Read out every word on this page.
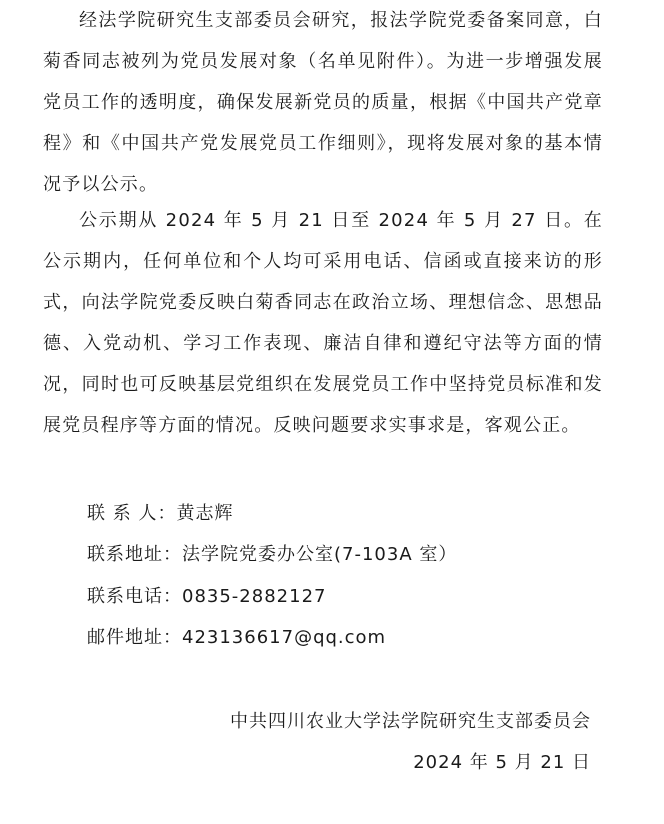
经法学院研究生支部委员会研究，报法学院党委备案同意，白菊香同志被列为党员发展对象（名单见附件）。为进一步增强发展党员工作的透明度，确保发展新党员的质量，根据《中国共产党章程》和《中国共产党发展党员工作细则》，现将发展对象的基本情况予以公示。

公示期从 2024 年 5 月 21 日至 2024 年 5 月 27 日。在公示期内，任何单位和个人均可采用电话、信函或直接来访的形式，向法学院党委反映白菊香同志在政治立场、理想信念、思想品德、入党动机、学习工作表现、廉洁自律和遵纪守法等方面的情况，同时也可反映基层党组织在发展党员工作中坚持党员标准和发展党员程序等方面的情况。反映问题要求实事求是，客观公正。

联 系 人：黄志辉
联系地址：法学院党委办公室(7-103A 室）
联系电话：0835-2882127
邮件地址：423136617@qq.com
中共四川农业大学法学院研究生支部委员会
2024 年 5 月 21 日
